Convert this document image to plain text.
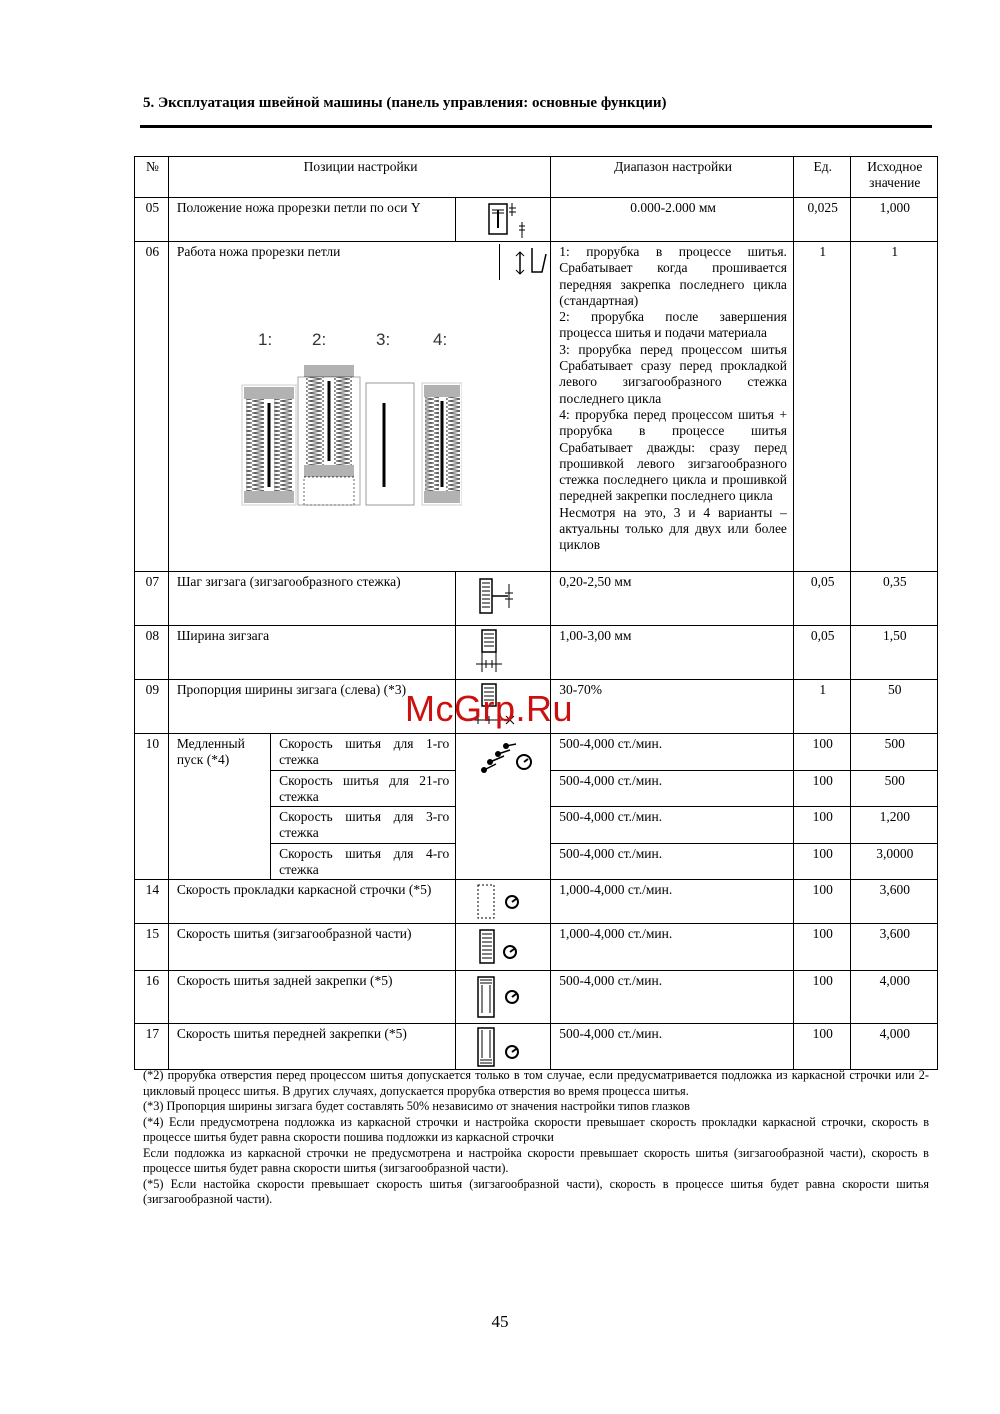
5. Эксплуатация швейной машины (панель управления: основные функции)
№	Позиции настройки			Диапазон настройки	Ед.	Исходное значение
05	Положение ножа прорезки петли по оси Y			0.000-2.000 мм	0,025	1,000
06	Работа ножа прорезки петли			1: прорубка в процессе шитья. Срабатывает когда прошивается передняя закрепка последнего цикла (стандартная)
2: прорубка после завершения процесса шитья и подачи материала
3: прорубка перед процессом шитья Срабатывает сразу перед прокладкой левого зигзагообразного стежка последнего цикла
4: прорубка перед процессом шитья + прорубка в процессе шитья Срабатывает дважды: сразу перед прошивкой левого зигзагообразного стежка последнего цикла и прошивкой передней закрепки последнего цикла
Несмотря на это, 3 и 4 варианты – актуальны только для двух или более циклов	1	1
07	Шаг зигзага (зигзагообразного стежка)			0,20-2,50 мм	0,05	0,35
08	Ширина зигзага			1,00-3,00 мм	0,05	1,50
09	Пропорция ширины зигзага (слева) (*3)			30-70%	1	50
10	Медленный пуск (*4)	Скорость шитья для 1-го стежка		500-4,000 ст./мин.	100	500
		Скорость шитья для 21-го стежка		500-4,000 ст./мин.	100	500
		Скорость шитья для 3-го стежка		500-4,000 ст./мин.	100	1,200
		Скорость шитья для 4-го стежка		500-4,000 ст./мин.	100	3,0000
14	Скорость прокладки каркасной строчки (*5)			1,000-4,000 ст./мин.	100	3,600
15	Скорость шитья (зигзагообразной части)			1,000-4,000 ст./мин.	100	3,600
16	Скорость шитья задней закрепки (*5)			500-4,000 ст./мин.	100	4,000
17	Скорость шитья передней закрепки (*5)			500-4,000 ст./мин.	100	4,000
1: 2:	3:	4:
McGrp.Ru

(*2) прорубка отверстия перед процессом шитья допускается только в том случае, если предусматривается подложка из каркасной строчки или 2-цикловый процесс шитья. В других случаях, допускается прорубка отверстия во время процесса шитья.

(*3) Пропорция ширины зигзага будет составлять 50% независимо от значения настройки типов глазков

(*4) Если предусмотрена подложка из каркасной строчки и настройка скорости превышает скорость прокладки каркасной строчки, скорость в процессе шитья будет равна скорости пошива подложки из каркасной строчки

Если подложка из каркасной строчки не предусмотрена и настройка скорости превышает скорость шитья (зигзагообразной части), скорость в процессе шитья будет равна скорости шитья (зигзагообразной части).

(*5) Если настойка скорости превышает скорость шитья (зигзагообразной части), скорость в процессе шитья будет равна скорости шитья (зигзагообразной части).

45
